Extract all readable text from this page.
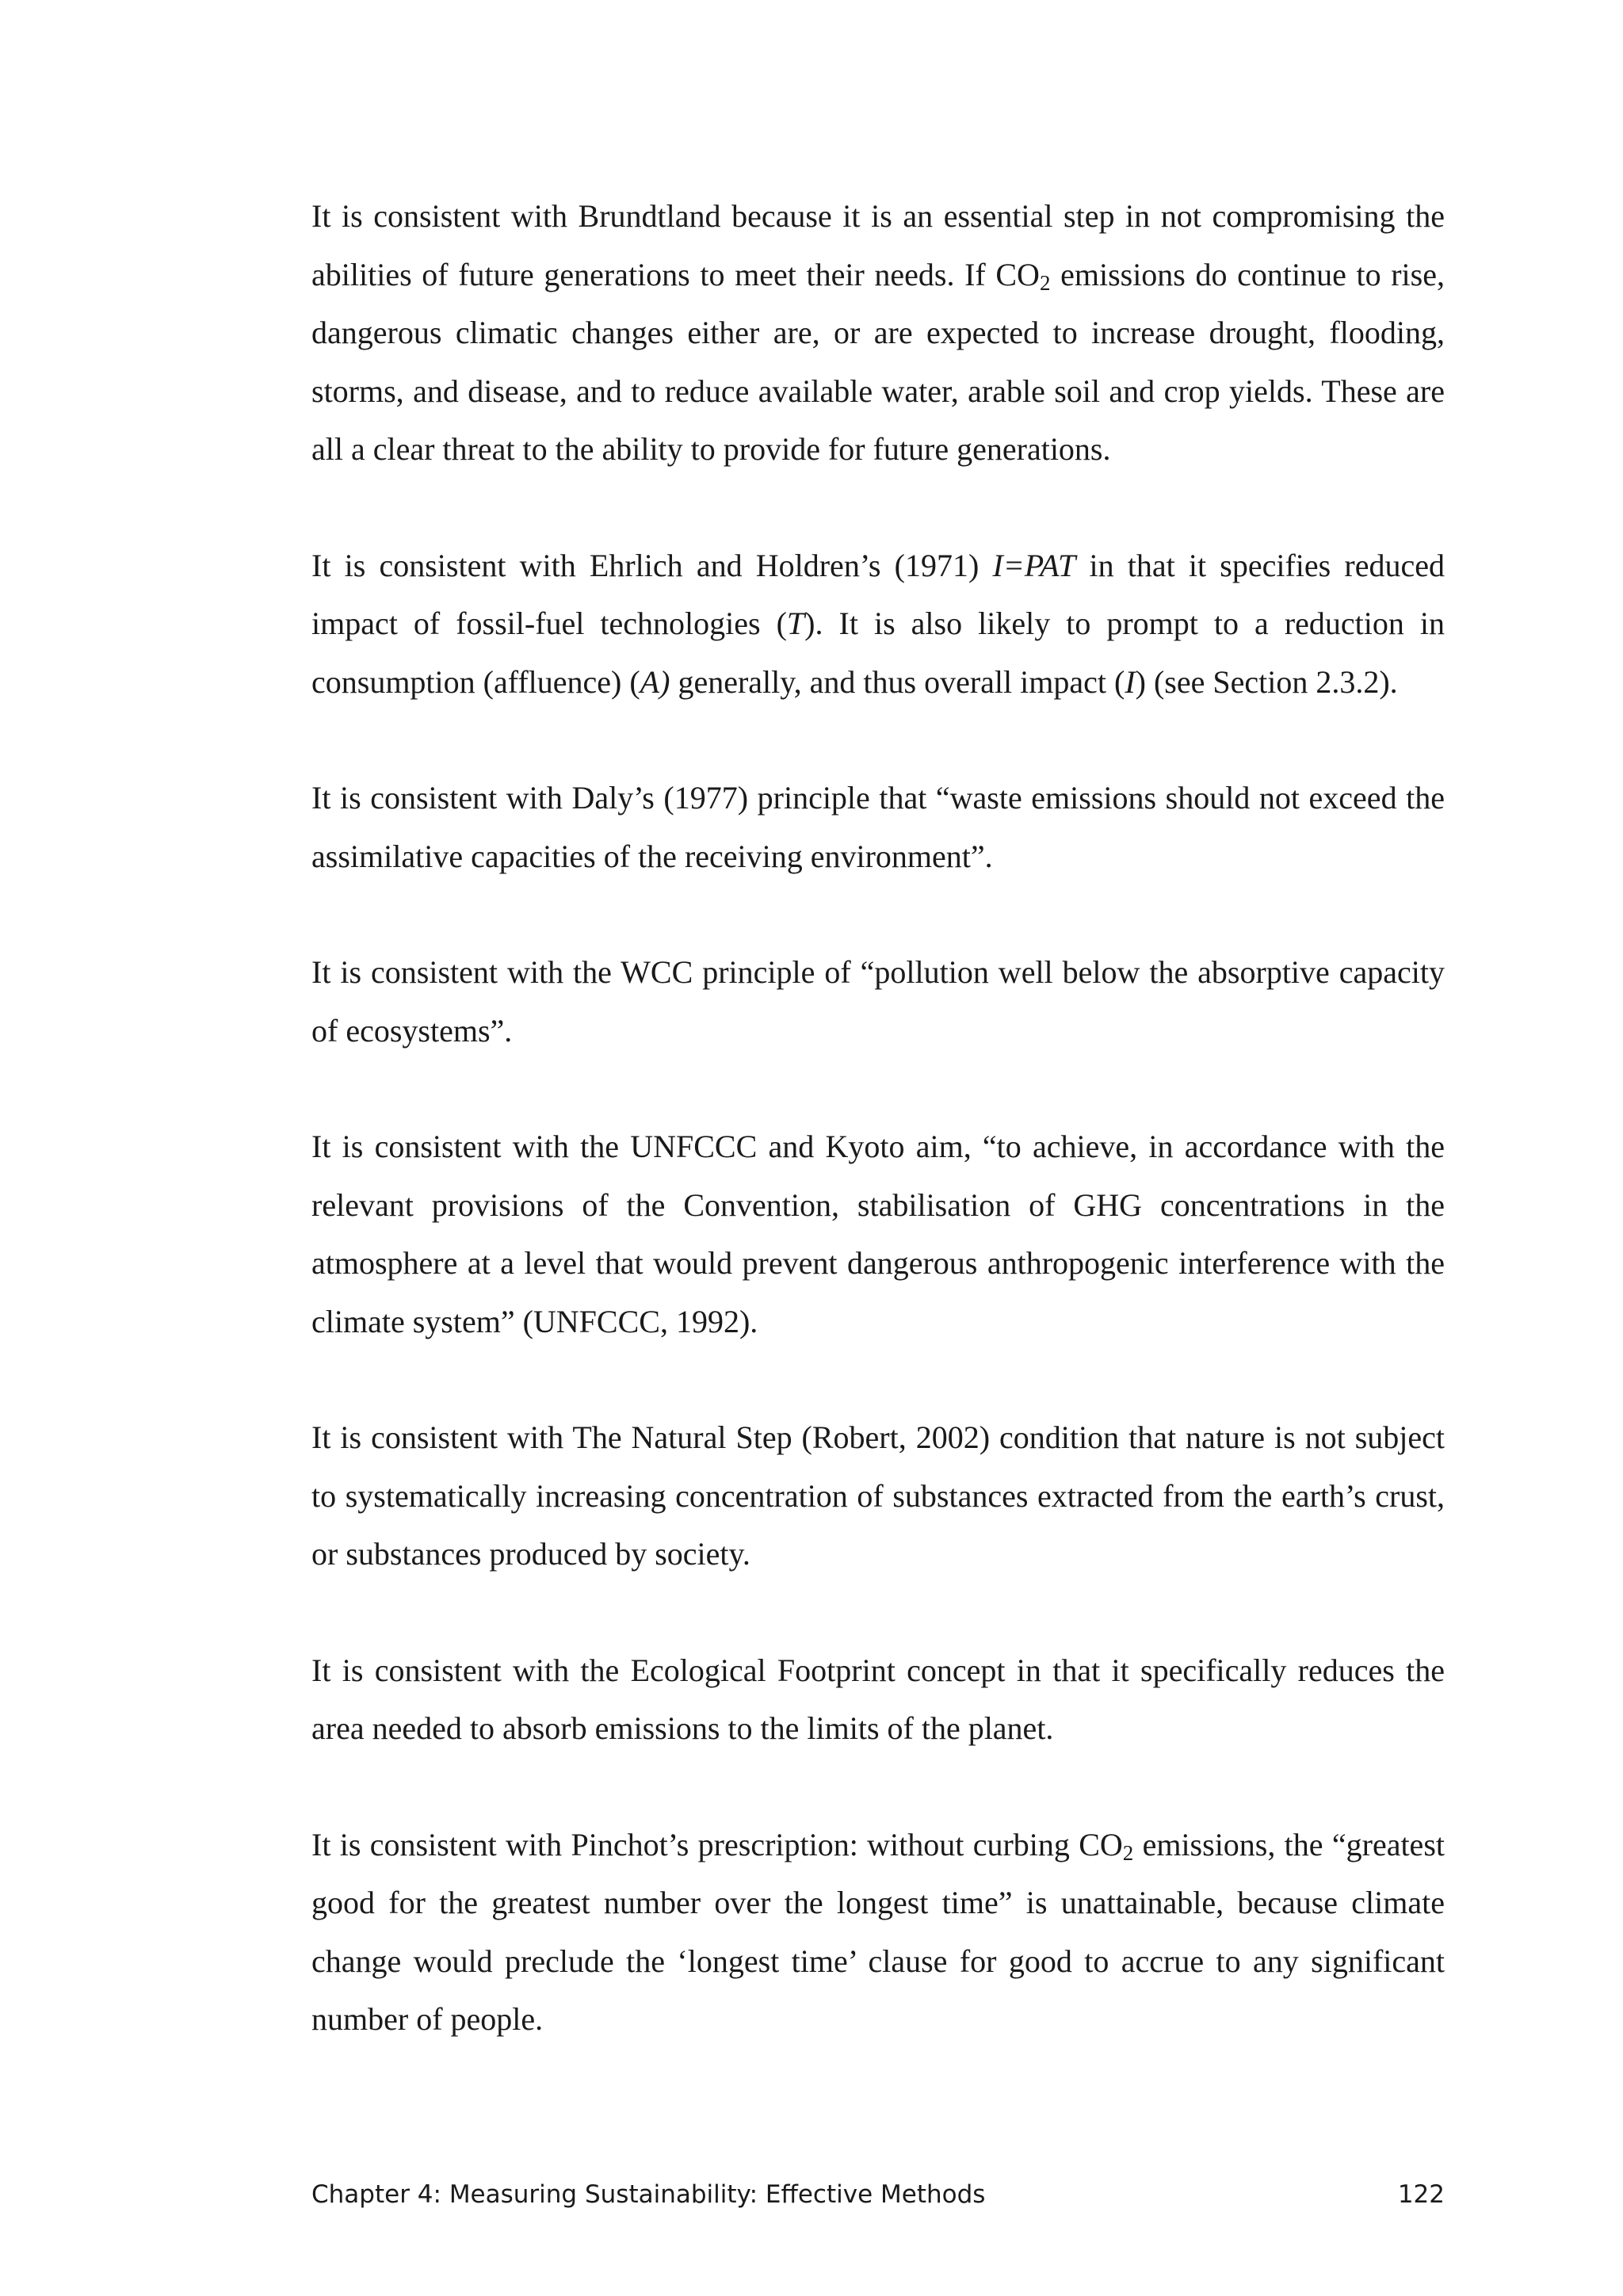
It is consistent with Brundtland because it is an essential step in not compromising the abilities of future generations to meet their needs. If $CO_2$ emissions do continue to rise, dangerous climatic changes either are, or are expected to increase drought, flooding, storms, and disease, and to reduce available water, arable soil and crop yields. These are all a clear threat to the ability to provide for future generations.

It is consistent with Ehrlich and Holdren’s (1971) I=PAT in that it specifies reduced impact of fossil-fuel technologies (T). It is also likely to prompt to a reduction in consumption (affluence) (A) generally, and thus overall impact (I) (see Section 2.3.2).

It is consistent with Daly’s (1977) principle that “waste emissions should not exceed the assimilative capacities of the receiving environment”.

It is consistent with the WCC principle of “pollution well below the absorptive capacity of ecosystems”.

It is consistent with the UNFCCC and Kyoto aim, “to achieve, in accordance with the relevant provisions of the Convention, stabilisation of GHG concentrations in the atmosphere at a level that would prevent dangerous anthropogenic interference with the climate system” (UNFCCC, 1992).

It is consistent with The Natural Step (Robert, 2002) condition that nature is not subject to systematically increasing concentration of substances extracted from the earth’s crust, or substances produced by society.

It is consistent with the Ecological Footprint concept in that it specifically reduces the area needed to absorb emissions to the limits of the planet.

It is consistent with Pinchot’s prescription: without curbing $CO_2$ emissions, the “greatest good for the greatest number over the longest time” is unattainable, because climate change would preclude the ‘longest time’ clause for good to accrue to any significant number of people.

Chapter 4: Measuring Sustainability: Effective Methods	122
